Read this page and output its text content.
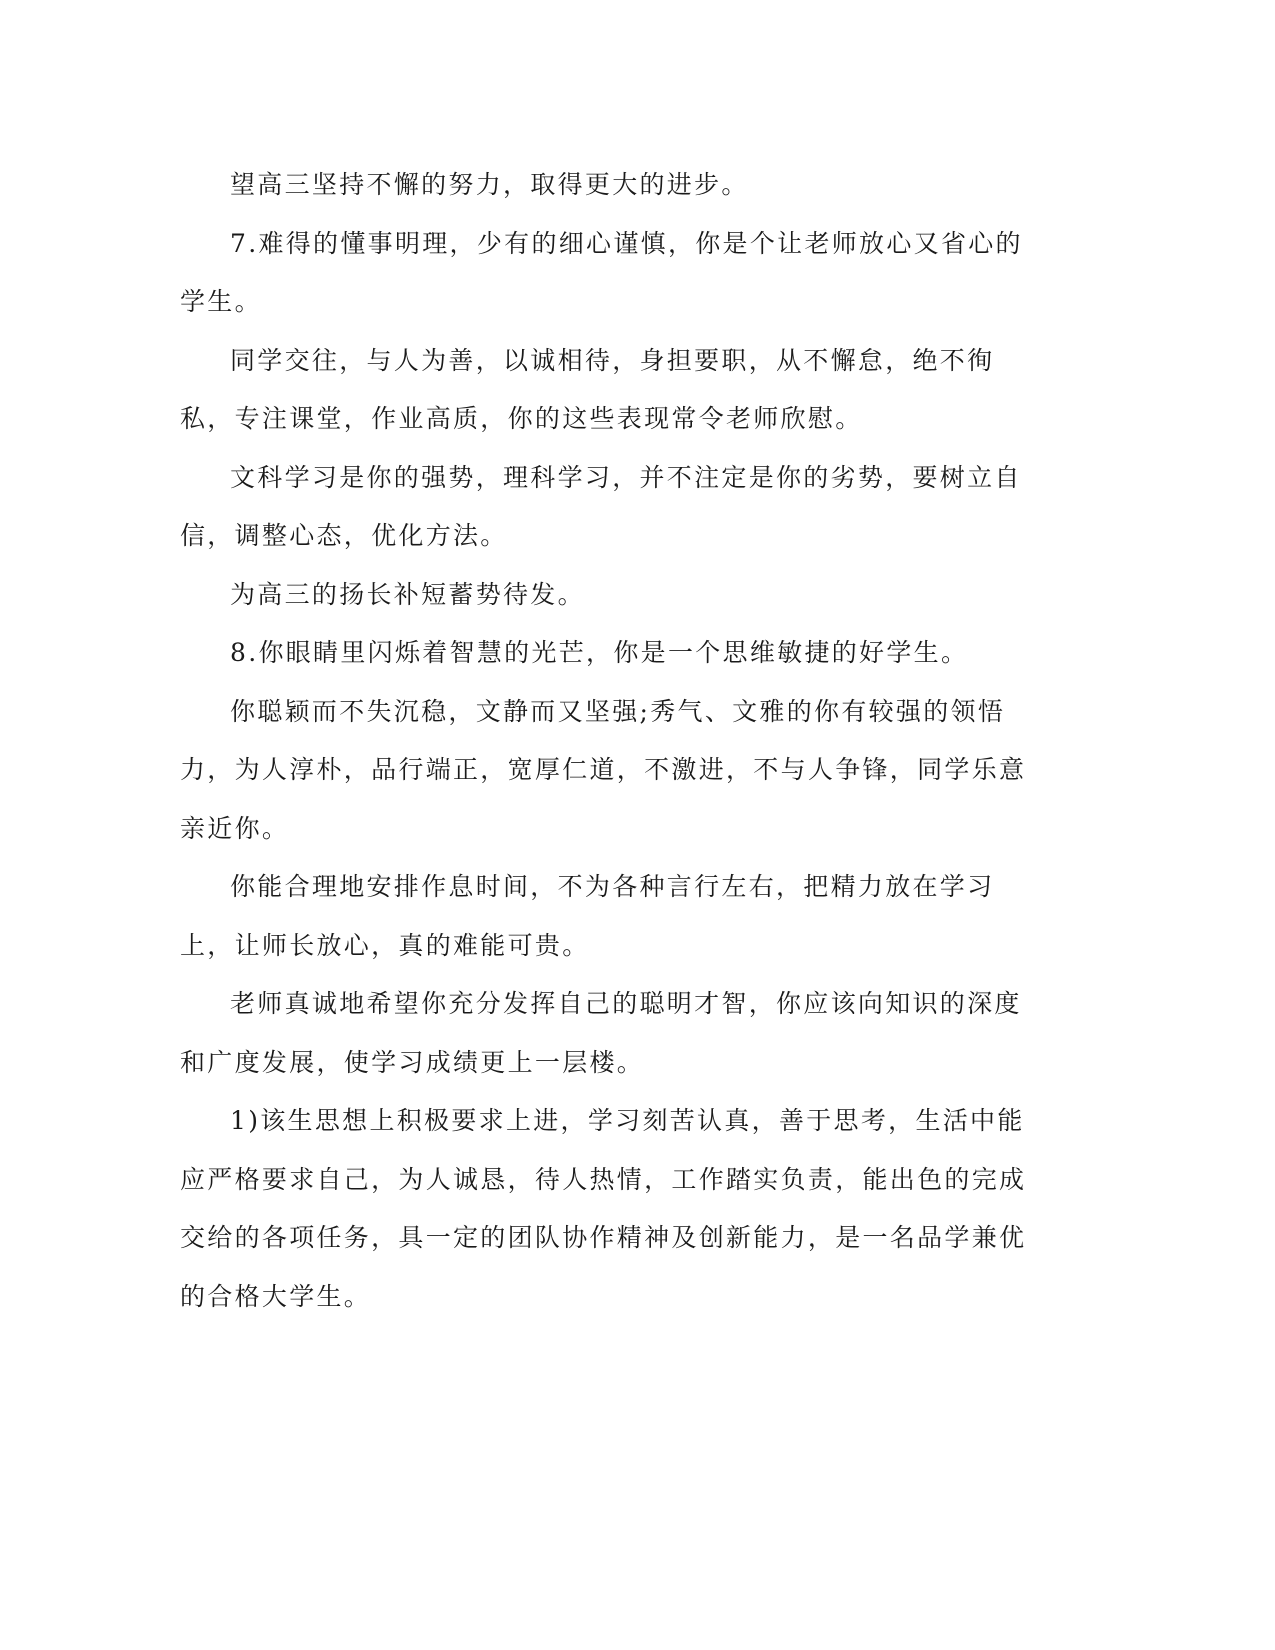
望高三坚持不懈的努力，取得更大的进步。

7.难得的懂事明理，少有的细心谨慎，你是个让老师放心又省心的学生。

同学交往，与人为善，以诚相待，身担要职，从不懈怠，绝不徇私，专注课堂，作业高质，你的这些表现常令老师欣慰。

文科学习是你的强势，理科学习，并不注定是你的劣势，要树立自信，调整心态，优化方法。

为高三的扬长补短蓄势待发。

8.你眼睛里闪烁着智慧的光芒，你是一个思维敏捷的好学生。

你聪颖而不失沉稳，文静而又坚强;秀气、文雅的你有较强的领悟力，为人淳朴，品行端正，宽厚仁道，不激进，不与人争锋，同学乐意亲近你。

你能合理地安排作息时间，不为各种言行左右，把精力放在学习上，让师长放心，真的难能可贵。

老师真诚地希望你充分发挥自己的聪明才智，你应该向知识的深度和广度发展，使学习成绩更上一层楼。

1)该生思想上积极要求上进，学习刻苦认真，善于思考，生活中能应严格要求自己，为人诚恳，待人热情，工作踏实负责，能出色的完成交给的各项任务，具一定的团队协作精神及创新能力，是一名品学兼优的合格大学生。
